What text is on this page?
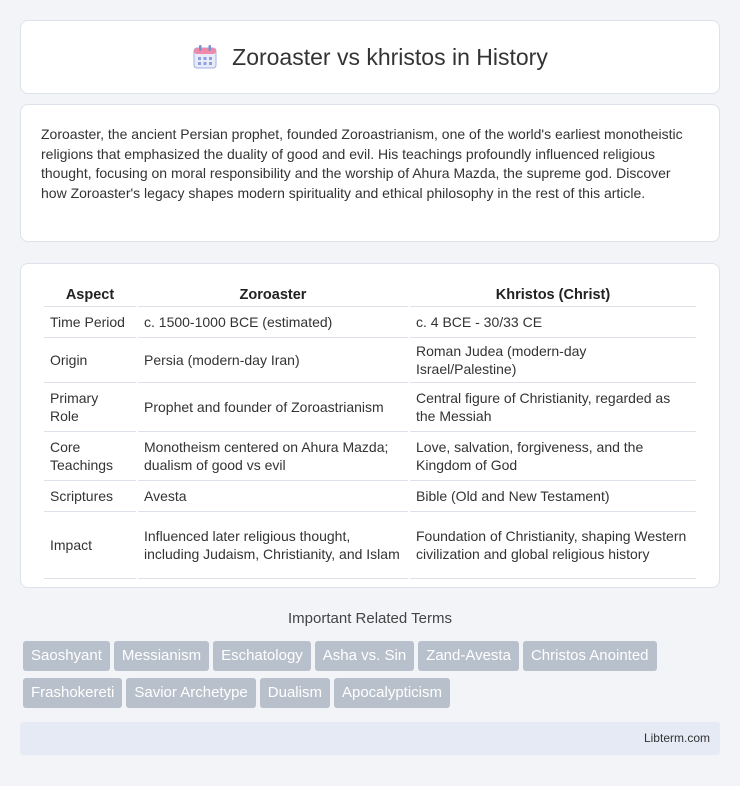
Zoroaster vs khristos in History

Zoroaster, the ancient Persian prophet, founded Zoroastrianism, one of the world's earliest monotheistic religions that emphasized the duality of good and evil. His teachings profoundly influenced religious thought, focusing on moral responsibility and the worship of Ahura Mazda, the supreme god. Discover how Zoroaster's legacy shapes modern spirituality and ethical philosophy in the rest of this article.

Aspect	Zoroaster	Khristos (Christ)
Time Period	c. 1500-1000 BCE (estimated)	c. 4 BCE - 30/33 CE
Origin	Persia (modern-day Iran)	Roman Judea (modern-day Israel/Palestine)
Primary Role	Prophet and founder of Zoroastrianism	Central figure of Christianity, regarded as the Messiah
Core Teachings	Monotheism centered on Ahura Mazda; dualism of good vs evil	Love, salvation, forgiveness, and the Kingdom of God
Scriptures	Avesta	Bible (Old and New Testament)
Impact	Influenced later religious thought, including Judaism, Christianity, and Islam	Foundation of Christianity, shaping Western civilization and global religious history
Important Related Terms
Saoshyant Messianism Eschatology Asha vs. Sin Zand-Avesta Christos Anointed
Frashokereti Savior Archetype Dualism Apocalypticism
Libterm.com
